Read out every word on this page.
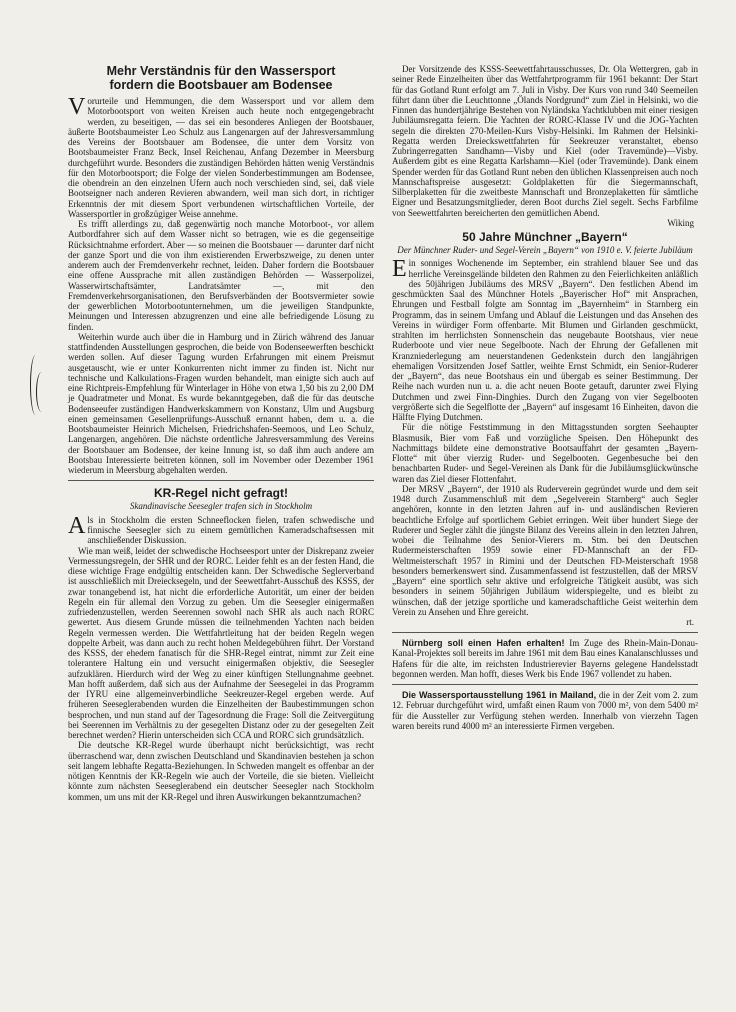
Mehr Verständnis für den Wassersport
fordern die Bootsbauer am Bodensee

Vorurteile und Hemmungen, die dem Wassersport und vor allem dem Motorbootsport von weiten Kreisen auch heute noch entgegengebracht werden, zu beseitigen, — das sei ein besonderes Anliegen der Bootsbauer, äußerte Bootsbaumeister Leo Schulz aus Langenargen auf der Jahresversammlung des Vereins der Bootsbauer am Bodensee, die unter dem Vorsitz von Bootsbaumeister Franz Beck, Insel Reichenau, Anfang Dezember in Meersburg durchgeführt wurde. Besonders die zuständigen Behörden hätten wenig Verständnis für den Motorbootsport; die Folge der vielen Sonderbestimmungen am Bodensee, die obendrein an den einzelnen Ufern auch noch verschieden sind, sei, daß viele Bootseigner nach anderen Revieren abwandern, weil man sich dort, in richtiger Erkenntnis der mit diesem Sport verbundenen wirtschaftlichen Vorteile, der Wassersportler in großzügiger Weise annehme.

Es trifft allerdings zu, daß gegenwärtig noch manche Motorboot-, vor allem Autbordfahrer sich auf dem Wasser nicht so betragen, wie es die gegenseitige Rücksichtnahme erfordert. Aber — so meinen die Bootsbauer — darunter darf nicht der ganze Sport und die von ihm existierenden Erwerbszweige, zu denen unter anderem auch der Fremdenverkehr rechnet, leiden. Daher fordern die Bootsbauer eine offene Aussprache mit allen zuständigen Behörden — Wasserpolizei, Wasserwirtschaftsämter, Landratsämter —, mit den Fremdenverkehrsorganisationen, den Berufsverbänden der Bootsvermieter sowie der gewerblichen Motorbootunternehmen, um die jeweiligen Standpunkte, Meinungen und Interessen abzugrenzen und eine alle befriedigende Lösung zu finden.

Weiterhin wurde auch über die in Hamburg und in Zürich während des Januar stattfindenden Ausstellungen gesprochen, die beide von Bodenseewerften beschickt werden sollen. Auf dieser Tagung wurden Erfahrungen mit einem Preismut ausgetauscht, wie er unter Konkurrenten nicht immer zu finden ist. Nicht nur technische und Kalkulations-Fragen wurden behandelt, man einigte sich auch auf eine Richtpreis-Empfehlung für Winterlager in Höhe von etwa 1,50 bis zu 2,00 DM je Quadratmeter und Monat. Es wurde bekanntgegeben, daß die für das deutsche Bodenseeufer zuständigen Handwerkskammern von Konstanz, Ulm und Augsburg einen gemeinsamen Gesellenprüfungs-Ausschuß ernannt haben, dem u. a. die Bootsbaumeister Heinrich Michelsen, Friedrichshafen-Seemoos, und Leo Schulz, Langenargen, angehören. Die nächste ordentliche Jahresversammlung des Vereins der Bootsbauer am Bodensee, der keine Innung ist, so daß ihm auch andere am Bootsbau Interessierte beitreten können, soll im November oder Dezember 1961 wiederum in Meersburg abgehalten werden.

KR-Regel nicht gefragt!
Skandinavische Seesegler trafen sich in Stockholm

Als in Stockholm die ersten Schneeflocken fielen, trafen schwedische und finnische Seesegler sich zu einem gemütlichen Kameradschaftsessen mit anschließender Diskussion.

Wie man weiß, leidet der schwedische Hochseesport unter der Diskrepanz zweier Vermessungsregeln, der SHR und der RORC. Leider fehlt es an der festen Hand, die diese wichtige Frage endgültig entscheiden kann. Der Schwedische Seglerverband ist ausschließlich mit Dreiecksegeln, und der Seewettfahrt-Ausschuß des KSSS, der zwar tonangebend ist, hat nicht die erforderliche Autorität, um einer der beiden Regeln ein für allemal den Vorzug zu geben. Um die Seesegler einigermaßen zufriedenzustellen, werden Seerennen sowohl nach SHR als auch nach RORC gewertet. Aus diesem Grunde müssen die teilnehmenden Yachten nach beiden Regeln vermessen werden. Die Wettfahrtleitung hat der beiden Regeln wegen doppelte Arbeit, was dann auch zu recht hohen Meldegebühren führt. Der Vorstand des KSSS, der ehedem fanatisch für die SHR-Regel eintrat, nimmt zur Zeit eine tolerantere Haltung ein und versucht einigermaßen objektiv, die Seesegler aufzuklären. Hierdurch wird der Weg zu einer künftigen Stellungnahme geebnet. Man hofft außerdem, daß sich aus der Aufnahme der Seesegelei in das Programm der IYRU eine allgemeinverbindliche Seekreuzer-Regel ergeben werde. Auf früheren Seeseglerabenden wurden die Einzelheiten der Baubestimmungen schon besprochen, und nun stand auf der Tagesordnung die Frage: Soll die Zeitvergütung bei Seerennen im Verhältnis zu der gesegelten Distanz oder zu der gesegelten Zeit berechnet werden? Hierin unterscheiden sich CCA und RORC sich grundsätzlich.

Die deutsche KR-Regel wurde überhaupt nicht berücksichtigt, was recht überraschend war, denn zwischen Deutschland und Skandinavien bestehen ja schon seit langem lebhafte Regatta-Beziehungen. In Schweden mangelt es offenbar an der nötigen Kenntnis der KR-Regeln wie auch der Vorteile, die sie bieten. Vielleicht könnte zum nächsten Seeseglerabend ein deutscher Seesegler nach Stockholm kommen, um uns mit der KR-Regel und ihren Auswirkungen bekanntzumachen?

Der Vorsitzende des KSSS-Seewettfahrtausschusses, Dr. Ola Wettergren, gab in seiner Rede Einzelheiten über das Wettfahrtprogramm für 1961 bekannt: Der Start für das Gotland Runt erfolgt am 7. Juli in Visby. Der Kurs von rund 340 Seemeilen führt dann über die Leuchttonne „Ölands Nordgrund“ zum Ziel in Helsinki, wo die Finnen das hundertjährige Bestehen von Nyländska Yachtklubben mit einer riesigen Jubiläumsregatta feiern. Die Yachten der RORC-Klasse IV und die JOG-Yachten segeln die direkten 270-Meilen-Kurs Visby-Helsinki. Im Rahmen der Helsinki-Regatta werden Dreieckswettfahrten für Seekreuzer veranstaltet, ebenso Zubringerregatten Sandhamn—Visby und Kiel (oder Travemünde)—Visby. Außerdem gibt es eine Regatta Karlshamn—Kiel (oder Travemünde). Dank einem Spender werden für das Gotland Runt neben den üblichen Klassenpreisen auch noch Mannschaftspreise ausgesetzt: Goldplaketten für die Siegermannschaft, Silberplaketten für die zweitbeste Mannschaft und Bronzeplaketten für sämtliche Eigner und Besatzungsmitglieder, deren Boot durchs Ziel segelt. Sechs Farbfilme von Seewettfahrten bereicherten den gemütlichen Abend.

Wiking
50 Jahre Münchner „Bayern“
Der Münchner Ruder- und Segel-Verein „Bayern“ von 1910 e. V. feierte Jubiläum

Ein sonniges Wochenende im September, ein strahlend blauer See und das herrliche Vereinsgelände bildeten den Rahmen zu den Feierlichkeiten anläßlich des 50jährigen Jubiläums des MRSV „Bayern“. Den festlichen Abend im geschmückten Saal des Münchner Hotels „Bayerischer Hof“ mit Ansprachen, Ehrungen und Festball folgte am Sonntag im „Bayernheim“ in Starnberg ein Programm, das in seinem Umfang und Ablauf die Leistungen und das Ansehen des Vereins in würdiger Form offenbarte. Mit Blumen und Girlanden geschmückt, strahlten im herrlichsten Sonnenschein das neugebaute Bootshaus, vier neue Ruderboote und vier neue Segelboote. Nach der Ehrung der Gefallenen mit Kranzniederlegung am neuerstandenen Gedenkstein durch den langjährigen ehemaligen Vorsitzenden Josef Sattler, weihte Ernst Schmidt, ein Senior-Ruderer der „Bayern“, das neue Bootshaus ein und übergab es seiner Bestimmung. Der Reihe nach wurden nun u. a. die acht neuen Boote getauft, darunter zwei Flying Dutchmen und zwei Finn-Dinghies. Durch den Zugang von vier Segelbooten vergrößerte sich die Segelflotte der „Bayern“ auf insgesamt 16 Einheiten, davon die Hälfte Flying Dutchmen.

Für die nötige Feststimmung in den Mittagsstunden sorgten Seehaupter Blasmusik, Bier vom Faß und vorzügliche Speisen. Den Höhepunkt des Nachmittags bildete eine demonstrative Bootsauffahrt der gesamten „Bayern-Flotte“ mit über vierzig Ruder- und Segelbooten. Gegenbesuche bei den benachbarten Ruder- und Segel-Vereinen als Dank für die Jubiläumsglückwünsche waren das Ziel dieser Flottenfahrt.

Der MRSV „Bayern“, der 1910 als Ruderverein gegründet wurde und dem seit 1948 durch Zusammenschluß mit dem „Segelverein Starnberg“ auch Segler angehören, konnte in den letzten Jahren auf in- und ausländischen Revieren beachtliche Erfolge auf sportlichem Gebiet erringen. Weit über hundert Siege der Ruderer und Segler zählt die jüngste Bilanz des Vereins allein in den letzten Jahren, wobei die Teilnahme des Senior-Vierers m. Stm. bei den Deutschen Rudermeisterschaften 1959 sowie einer FD-Mannschaft an der FD-Weltmeisterschaft 1957 in Rimini und der Deutschen FD-Meisterschaft 1958 besonders bemerkenswert sind. Zusammenfassend ist festzustellen, daß der MRSV „Bayern“ eine sportlich sehr aktive und erfolgreiche Tätigkeit ausübt, was sich besonders in seinem 50jährigen Jubiläum widerspiegelte, und es bleibt zu wünschen, daß der jetzige sportliche und kameradschaftliche Geist weiterhin dem Verein zu Ansehen und Ehre gereicht.

rt.

Nürnberg soll einen Hafen erhalten! Im Zuge des Rhein-Main-Donau-Kanal-Projektes soll bereits im Jahre 1961 mit dem Bau eines Kanalanschlusses und Hafens für die alte, im reichsten Industrierevier Bayerns gelegene Handelsstadt begonnen werden. Man hofft, dieses Werk bis Ende 1967 vollendet zu haben.

Die Wassersportausstellung 1961 in Mailand, die in der Zeit vom 2. zum 12. Februar durchgeführt wird, umfaßt einen Raum von 7000 m², von dem 5400 m² für die Aussteller zur Verfügung stehen werden. Innerhalb von vierzehn Tagen waren bereits rund 4000 m² an interessierte Firmen vergeben.
